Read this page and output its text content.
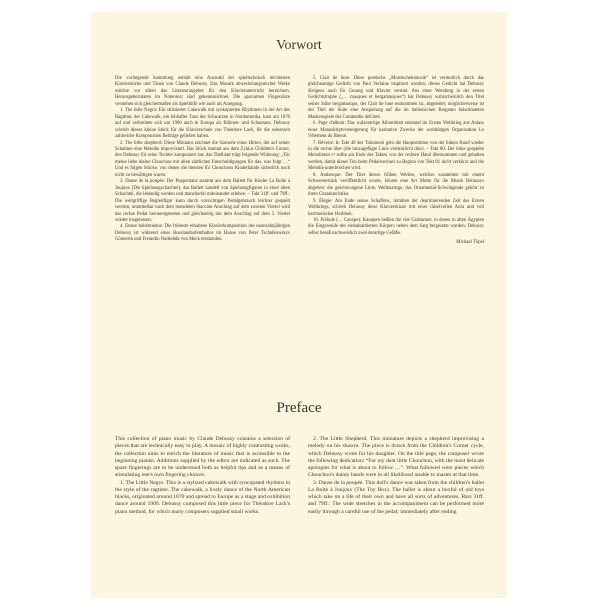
Vorwort

Die vorliegende Sammlung enthält eine Auswahl der spieltechnisch leichtesten Klavierstücke und Tänze von Claude Debussy. Das Mosaik abwechslungsreicher Werke möchte vor allem das Literaturangebot für den Klavierunterricht bereichern. Herausgebezutaten im Notentext sind gekennzeichnet. Die sparsamen Fingersätze verstehen sich gleichermaßen als Spielhilfe wie auch als Anregung.

1. The little Negro: Ein stilisierter Cakewalk mit synkopierten Rhythmen in der Art des Ragtime; der Cakewalk, ein lebhafter Tanz der Schwarzen in Nordamerika, kam um 1870 auf und verbreitete sich um 1900 auch in Europa als Bühnen- und Schautanz. Debussy schrieb dieses kleine Stück für die Klavierschule von Théodore Lack, für die seinerzeit zahlreiche Komponisten Beiträge geliefert haben.

2. The little shepherd: Diese Miniatur zeichnet die Szenerie eines Hirten, der auf seiner Schalmei eine Melodie improvisiert. Das Stück stammt aus dem Zyklus Children's Corner, den Debussy für seine Tochter komponiert hat; das Titelblatt trägt folgende Widmung: „Für meine liebe kleine Chouchou mit allen zärtlichen Entschuldigungen für das, was folgt …“ Und es folgen Stücke, von denen die meisten für Chouchous Kinderhände sicherlich noch nicht zu bewältigen waren.

3. Danse de la poupée: Der Puppentanz stammt aus dem Ballett für Kinder La Boîte à Joujoux (Die Spielzeugschachtel); das Ballett handelt von Spielzeugfiguren in einer alten Schachtel, die lebendig werden und mancherlei miteinander erleben. – Takt 31ff. und 79ff.: Die weitgriffige Begleitfigur kann durch vorsichtigen Pedalgebrauch leichter gespielt werden; unmittelbar nach dem beendeten Staccato-Anschlag auf dem zweiten Viertel wird das rechte Pedal heruntergetreten und gleichzeitig mit dem Anschlag auf dem 3. Viertel wieder losgelassen.

4. Danse bohémienne: Die früheste erhaltene Klavierkomposition des neunzehnjährigen Debussy ist während eines Russlandaufenthaltes im Hause von Peter Tschaikowskys Gönnerin und Freundin Nadeshda von Meck entstanden.

5. Clair de lune: Diese poetische „Mondscheinmusik“ ist vermutlich durch das gleichnamige Gedicht von Paul Verlaine inspiriert worden; dieses Gedicht hat Debussy übrigens auch für Gesang und Klavier vertont. Aus einer Wendung in der ersten Gedichtstrophe („… masques et bergamasques“) hat Debussy wahrscheinlich den Titel seiner Suite bergamasque, der Clair de lune entnommen ist, abgeleitet; möglicherweise ist der Titel der Suite eine Anspielung auf die im italienischen Bergamo beheimateten Maskenspiele der Commedia dell'arte.

6. Page d'album: Das walzerartige Albumblatt entstand im Ersten Weltkrieg aus Anlass einer Manuskriptversteigerung für karitative Zwecke der wohltätigen Organisation Le Vêtement du Blessé.

7. Rêverie: In Takt 48 des Träumerei geht die Hauptstimme von der linken Hand wieder in die rechte über (die hinzugefügte Linie verdeutlicht dies). – Takt 80: Der linke gespielte Melodieton c¹ sollte am Ende des Taktes von der rechten Hand übernommen und gehalten werden, damit dieser Ton beim Pedalwechsel zu Beginn von Takt 81 nicht verkürzt und die Melodie unterbrochen wird.

8. Arabesque: Der Titel dieses frühen Werkes, welches zusammen mit einem Schwesterstück veröffentlicht wurde, könnte eine Art Motto für die Musik Debussys abgeben: die geschwungene Linie, Wellenartige, das Ornamental-Schwingende gehört zu ihren Charakteristika.

9. Élégie: Am Ende seines Schaffens, inmitten der deprimierenden Zeit des Ersten Weltkriegs, schrieb Debussy diese Klavierskizze mit einer rätselvollen Aura und voll harmonischer Herbheit.

10. Prélude (… Canope): Kanopen heißen die vier Grabumen, in denen in alten Ägypten die Eingeweide des einbalsamierten Körpers neben dem Sarg beigesetzt wurden; Debussy selbst besaß nachweislich zwei derartige Gefäße.

Michael Töpel

Preface

This collection of piano music by Claude Debussy contains a selection of pieces that are technically easy to play. A mosaic of highly contrasting works, the collection aims to enrich the literature of music that is accessible to the beginning pianist. Additions supplied by the editor are indicated as such. The spare fingerings are to be understood both as helpful tips and as a means of stimulating one's own fingering choices.

1. The Little Negro. This is a stylized cakewalk with syncopated rhythms in the style of the ragtime. The cakewalk, a lively dance of the North American blacks, originated around 1870 and spread to Europe as a stage and exhibition dance around 1900. Debussy composed this little piece for Théodore Lack's piano method, for which many composers supplied small works.

2. The Little Shepherd. This miniature depicts a shepherd improvising a melody on his shawm. The piece is drawn from the Children's Corner cycle, which Debussy wrote for his daughter. On the title page, the composer wrote the following dedication: “For my dear little Chouchou, with the most delicate apologies for what is about to follow …”. What followed were pieces which Chouchou's dainty hands were in all likelihood unable to master at that time.

3. Danse de la poupée. This doll's dance was taken from the children's ballet La Boîte à Joujoux (The Toy Box). The ballet is about a boxful of old toys which take on a life of their own and have all sorts of adventures. Bars 31ff. and 79ff.: The wide stretches in the accompaniment can be performed more easily through a careful use of the pedal; immediately after ending
